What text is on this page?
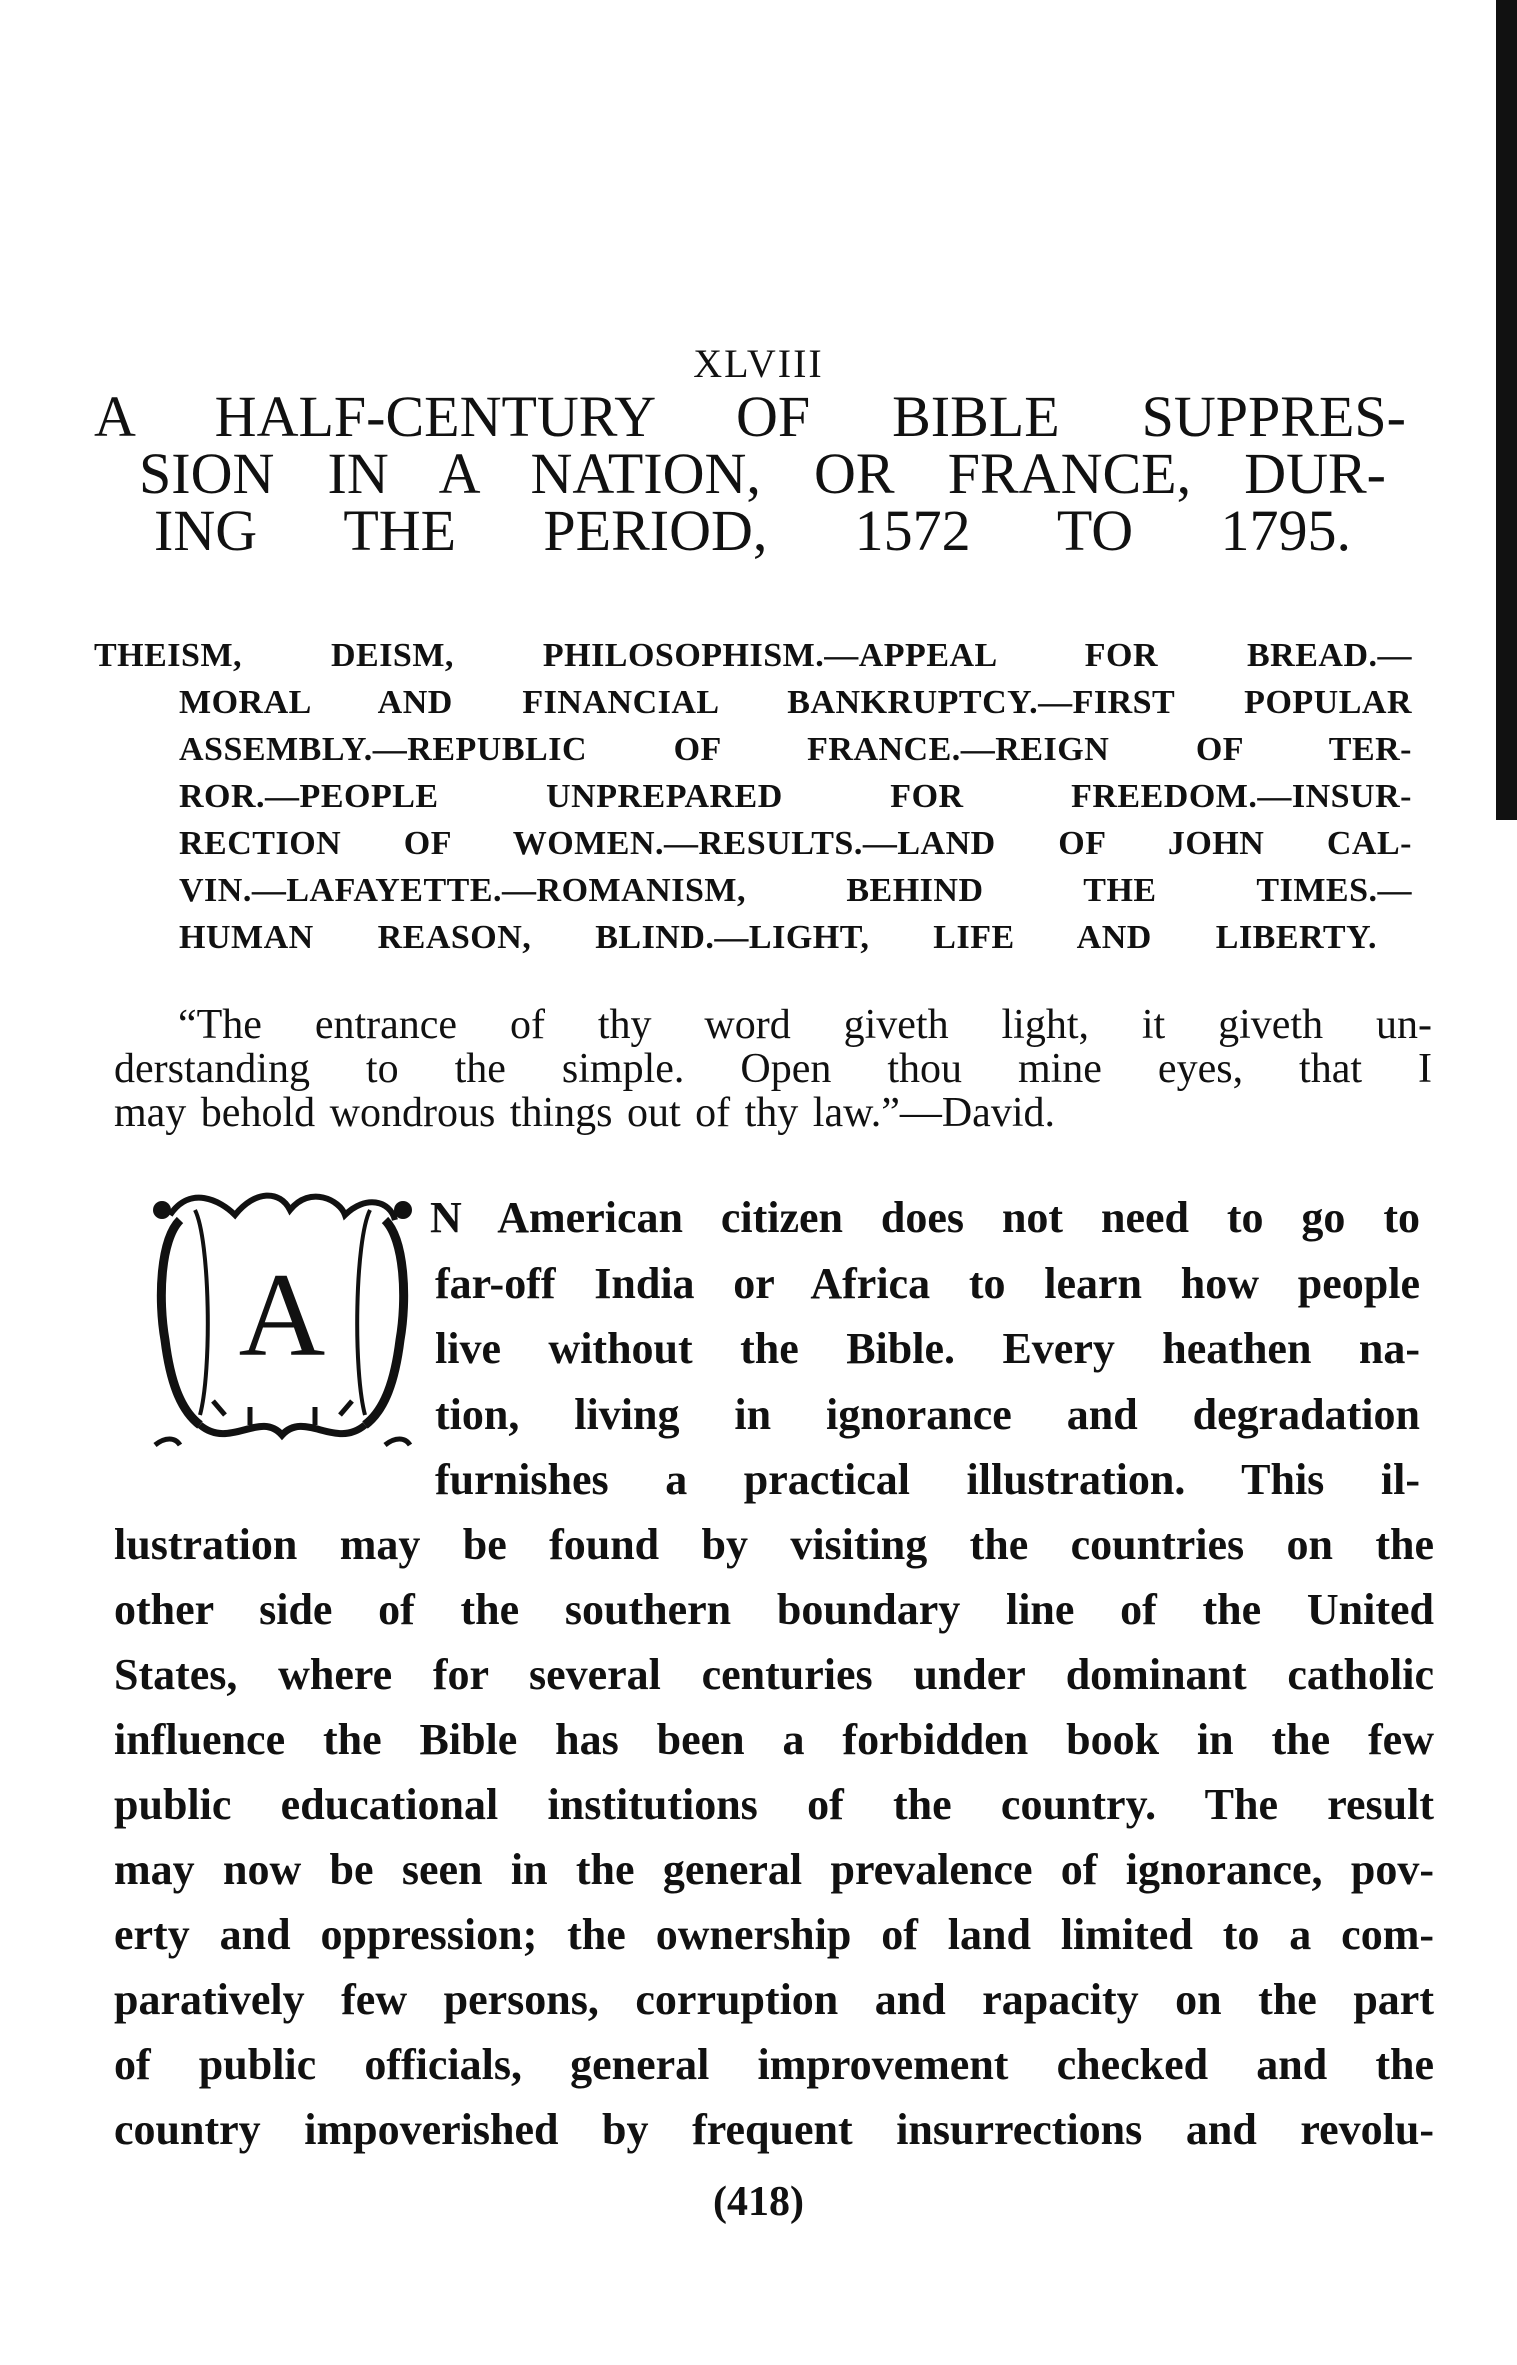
XLVIII
A HALF-CENTURY OF BIBLE SUPPRES-
SION IN A NATION, OR FRANCE, DUR-
ING THE PERIOD, 1572 TO 1795.
THEISM, DEISM, PHILOSOPHISM.—APPEAL FOR BREAD.—
MORAL AND FINANCIAL BANKRUPTCY.—FIRST POPULAR
ASSEMBLY.—REPUBLIC OF FRANCE.—REIGN OF TER-
ROR.—PEOPLE UNPREPARED FOR FREEDOM.—INSUR-
RECTION OF WOMEN.—RESULTS.—LAND OF JOHN CAL-
VIN.—LAFAYETTE.—ROMANISM, BEHIND THE TIMES.—
HUMAN REASON, BLIND.—LIGHT, LIFE AND LIBERTY.
“The entrance of thy word giveth light, it giveth un-
derstanding to the simple. Open thou mine eyes, that I
may behold wondrous things out of thy law.”—David.
A
N American citizen does not need to go to
far-off India or Africa to learn how people
live without the Bible. Every heathen na-
tion, living in ignorance and degradation
furnishes a practical illustration. This il-
lustration may be found by visiting the countries on the
other side of the southern boundary line of the United
States, where for several centuries under dominant catholic
influence the Bible has been a forbidden book in the few
public educational institutions of the country. The result
may now be seen in the general prevalence of ignorance, pov-
erty and oppression; the ownership of land limited to a com-
paratively few persons, corruption and rapacity on the part
of public officials, general improvement checked and the
country impoverished by frequent insurrections and revolu-
(418)
